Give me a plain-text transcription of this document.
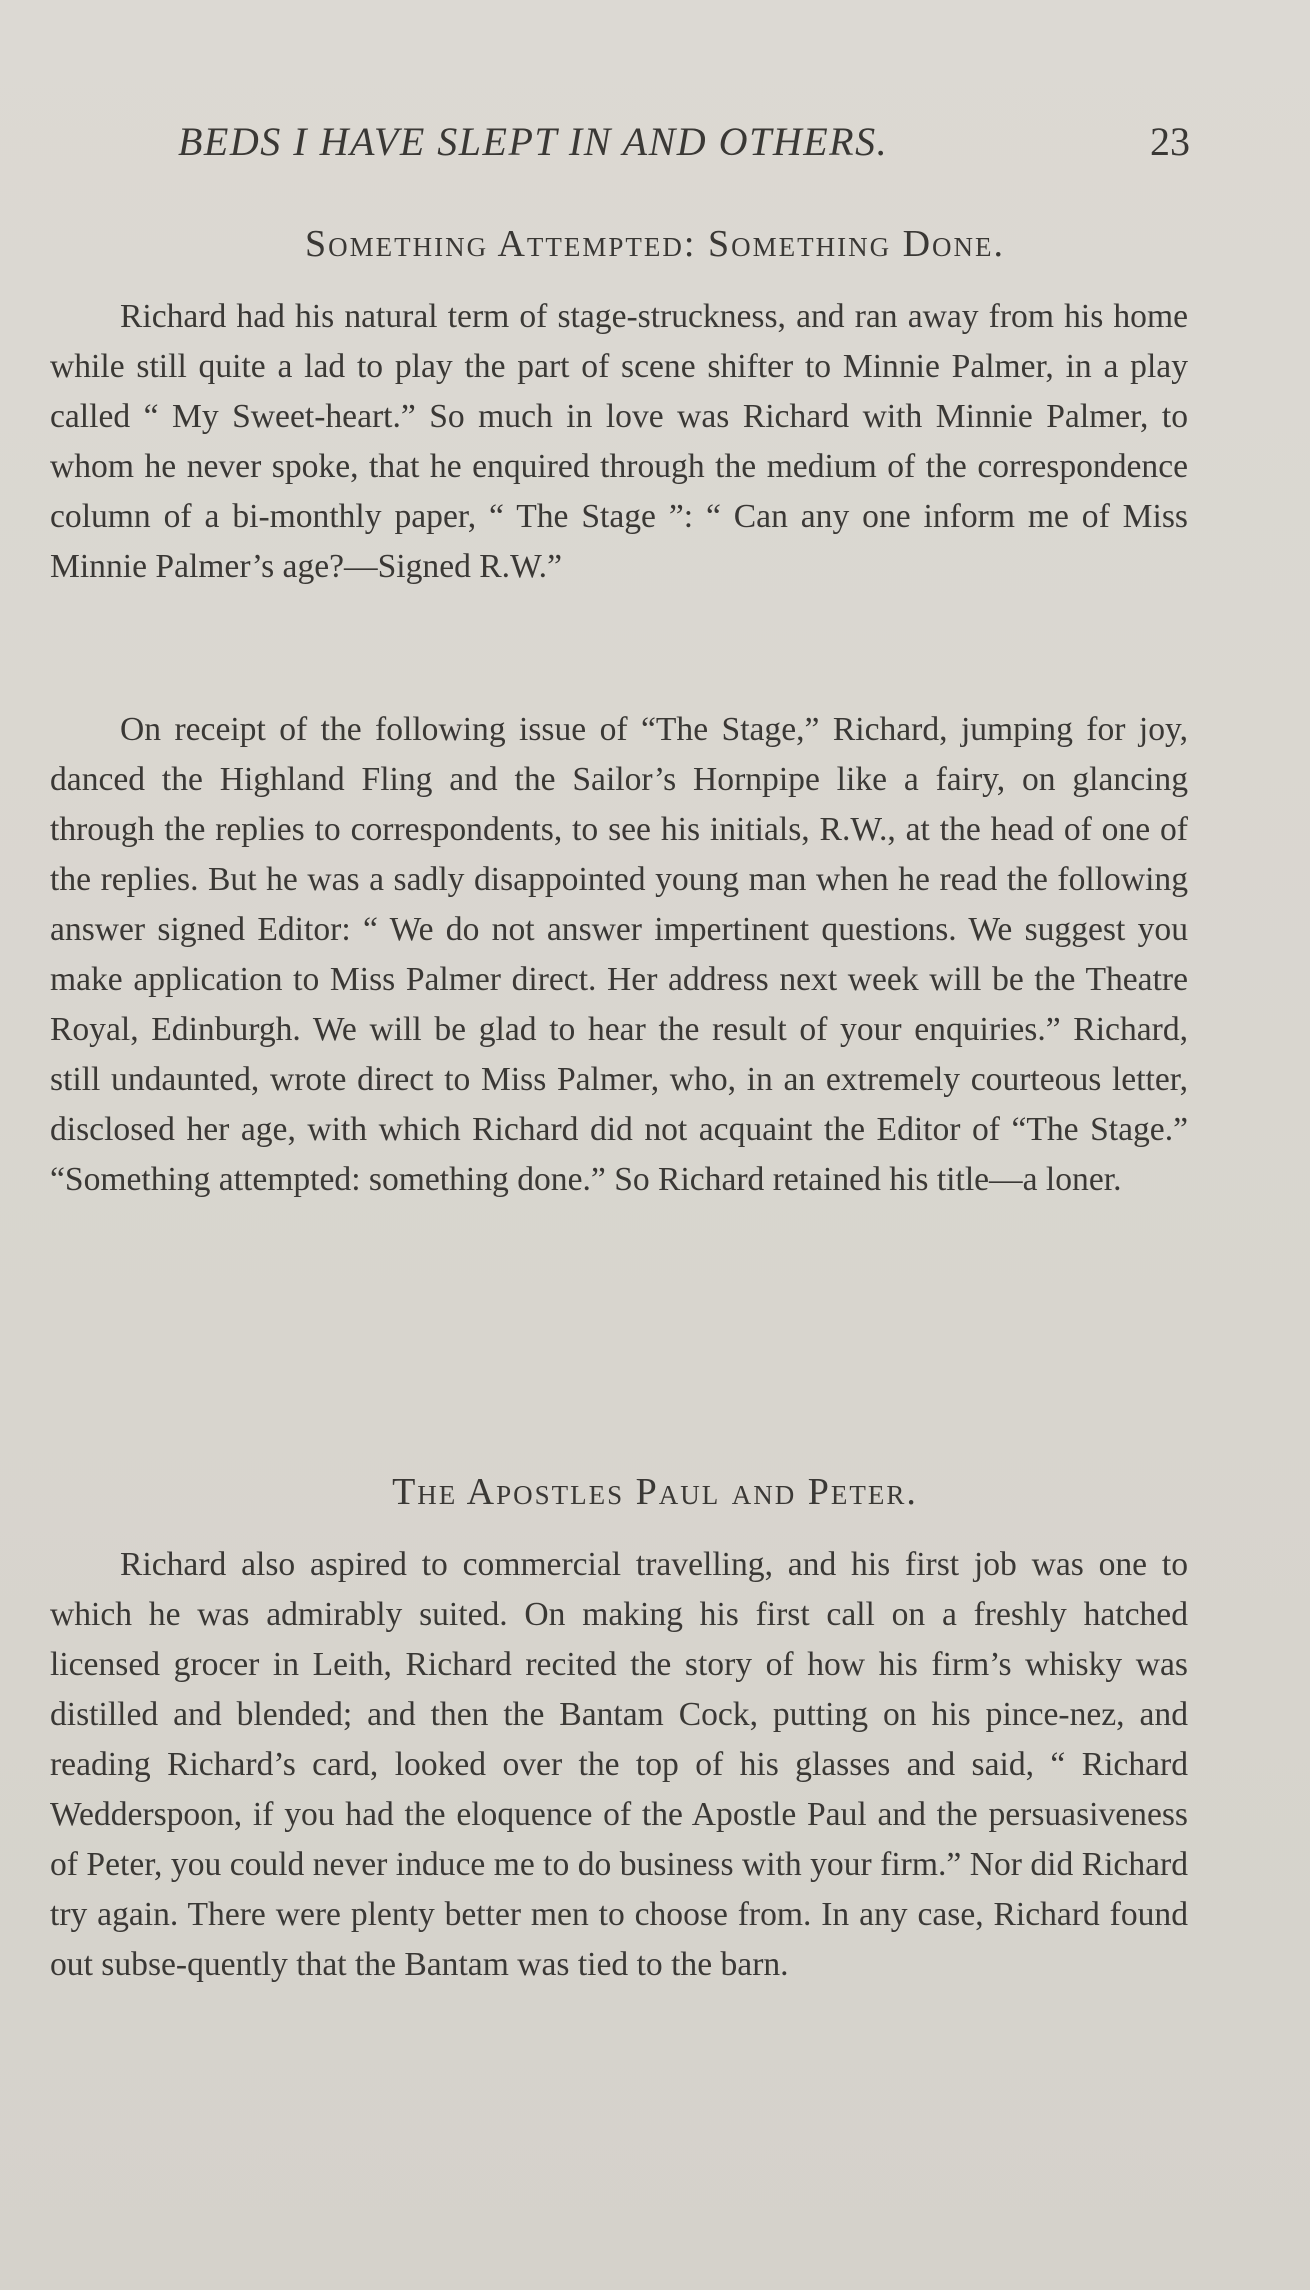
BEDS I HAVE SLEPT IN AND OTHERS.	23
Something Attempted: Something Done.

Richard had his natural term of stage-struckness, and ran away from his home while still quite a lad to play the part of scene shifter to Minnie Palmer, in a play called “ My Sweet-heart.” So much in love was Richard with Minnie Palmer, to whom he never spoke, that he enquired through the medium of the correspondence column of a bi-monthly paper, “ The Stage ”: “ Can any one inform me of Miss Minnie Palmer’s age?—Signed R.W.”

On receipt of the following issue of “The Stage,” Richard, jumping for joy, danced the Highland Fling and the Sailor’s Hornpipe like a fairy, on glancing through the replies to correspondents, to see his initials, R.W., at the head of one of the replies. But he was a sadly disappointed young man when he read the following answer signed Editor: “ We do not answer impertinent questions. We suggest you make application to Miss Palmer direct. Her address next week will be the Theatre Royal, Edinburgh. We will be glad to hear the result of your enquiries.” Richard, still undaunted, wrote direct to Miss Palmer, who, in an extremely courteous letter, disclosed her age, with which Richard did not acquaint the Editor of “The Stage.” “Something attempted: something done.” So Richard retained his title—a loner.

The Apostles Paul and Peter.

Richard also aspired to commercial travelling, and his first job was one to which he was admirably suited. On making his first call on a freshly hatched licensed grocer in Leith, Richard recited the story of how his firm’s whisky was distilled and blended; and then the Bantam Cock, putting on his pince-nez, and reading Richard’s card, looked over the top of his glasses and said, “ Richard Wedderspoon, if you had the eloquence of the Apostle Paul and the persuasiveness of Peter, you could never induce me to do business with your firm.” Nor did Richard try again. There were plenty better men to choose from. In any case, Richard found out subse-quently that the Bantam was tied to the barn.
